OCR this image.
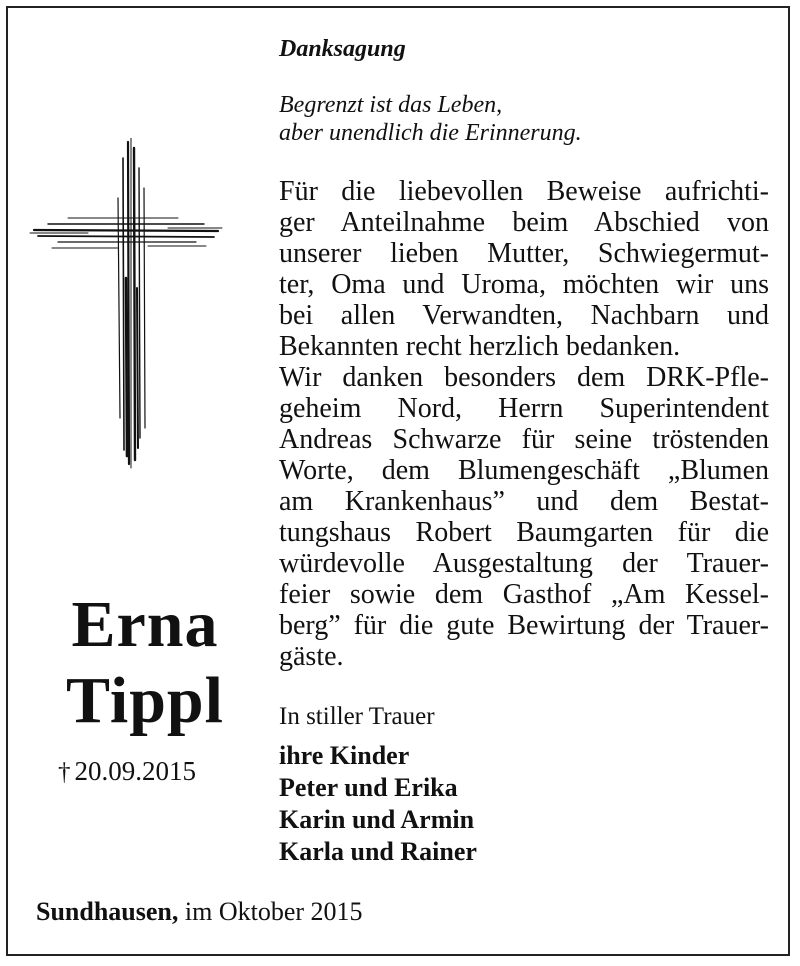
Erna
Tippl
† 20.09.2015
Danksagung
Begrenzt ist das Leben,
aber unendlich die Erinnerung.
Für die liebevollen Beweise aufrichti-
ger Anteilnahme beim Abschied von
unserer lieben Mutter, Schwiegermut-
ter, Oma und Uroma, möchten wir uns
bei allen Verwandten, Nachbarn und
Bekannten recht herzlich bedanken.
Wir danken besonders dem DRK-Pfle-
geheim Nord, Herrn Superintendent
Andreas Schwarze für seine tröstenden
Worte, dem Blumengeschäft „Blumen
am Krankenhaus” und dem Bestat-
tungshaus Robert Baumgarten für die
würdevolle Ausgestaltung der Trauer-
feier sowie dem Gasthof „Am Kessel-
berg” für die gute Bewirtung der Trauer-
gäste.
In stiller Trauer
ihre Kinder
Peter und Erika
Karin und Armin
Karla und Rainer
Sundhausen, im Oktober 2015
